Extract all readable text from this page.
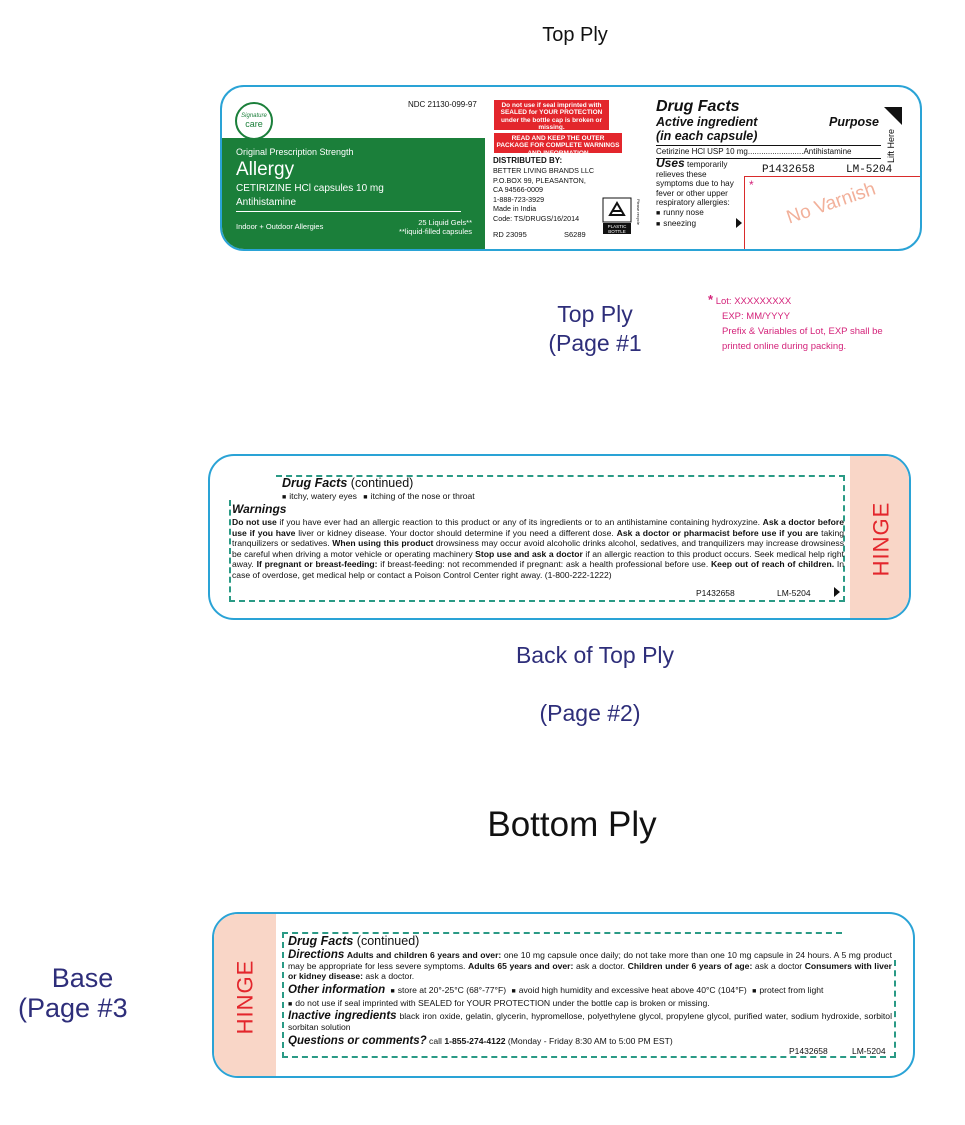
Top Ply
Signature
care
NDC 21130-099-97
Original Prescription Strength
Allergy
CETIRIZINE HCl capsules 10 mg
Antihistamine
Indoor + Outdoor Allergies	25 Liquid Gels**
**liquid-filled capsules
Do not use if seal imprinted with SEALED for YOUR PROTECTION under the bottle cap is broken or missing.
READ AND KEEP THE OUTER PACKAGE FOR COMPLETE WARNINGS AND INFORMATION
DISTRIBUTED BY:
BETTER LIVING BRANDS LLC
P.O.BOX 99, PLEASANTON,
CA 94566-0009
1-888-723-3929
Made in India
Code: TS/DRUGS/16/2014
RD 23095	S6289
PLASTIC BOTTLE
Please recycle
Drug Facts
Active ingredient
(in each capsule)
Purpose
Cetirizine HCl USP 10 mg.........................Antihistamine
Uses temporarily
relieves these
symptoms due to hay
fever or other upper
respiratory allergies:
■ runny nose
■ sneezing
Lift Here
P1432658	LM-5204
* No Varnish
Top Ply
(Page #1
* Lot: XXXXXXXXX
EXP: MM/YYYY
Prefix & Variables of Lot, EXP shall be
printed online during packing.
Drug Facts (continued)
■ itchy, watery eyes ■ itching of the nose or throat
Warnings
Do not use if you have ever had an allergic reaction to this product or any of its ingredients or to an antihistamine containing hydroxyzine. Ask a doctor before use if you have liver or kidney disease. Your doctor should determine if you need a different dose. Ask a doctor or pharmacist before use if you are taking tranquilizers or sedatives. When using this product drowsiness may occur avoid alcoholic drinks alcohol, sedatives, and tranquilizers may increase drowsiness be careful when driving a motor vehicle or operating machinery Stop use and ask a doctor if an allergic reaction to this product occurs. Seek medical help right away. If pregnant or breast-feeding: if breast-feeding: not recommended if pregnant: ask a health professional before use. Keep out of reach of children. In case of overdose, get medical help or contact a Poison Control Center right away. (1-800-222-1222)
P1432658	LM-5204
HINGE
Back of Top Ply
(Page #2)
Bottom Ply
Base
(Page #3	HINGE
Drug Facts (continued)
Directions Adults and children 6 years and over: one 10 mg capsule once daily; do not take more than one 10 mg capsule in 24 hours. A 5 mg product may be appropriate for less severe symptoms. Adults 65 years and over: ask a doctor. Children under 6 years of age: ask a doctor Consumers with liver or kidney disease: ask a doctor.
Other information ■ store at 20°-25°C (68°-77°F) ■ avoid high humidity and excessive heat above 40°C (104°F) ■ protect from light
■ do not use if seal imprinted with SEALED for YOUR PROTECTION under the bottle cap is broken or missing.
Inactive ingredients black iron oxide, gelatin, glycerin, hypromellose, polyethylene glycol, propylene glycol, purified water, sodium hydroxide, sorbitol sorbitan solution
Questions or comments? call 1-855-274-4122 (Monday - Friday 8:30 AM to 5:00 PM EST)
P1432658	LM-5204
